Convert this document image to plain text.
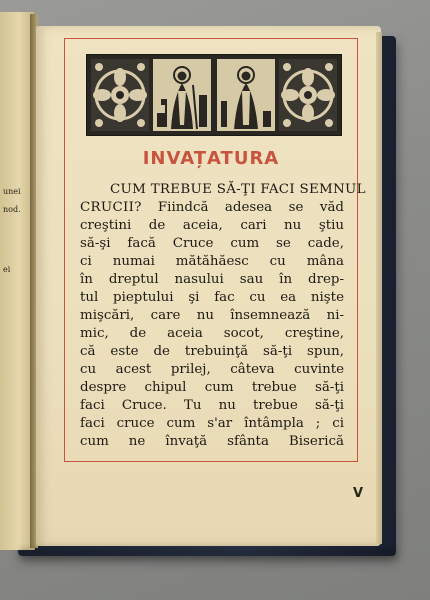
unei
nod.
ei
INVAȚATURA
CUM TREBUE SĂ-ŢI FACI SEMNUL
CRUCII? Fiindcă adesea se văd
creştini de aceia, cari nu ştiu
să-şi facă Cruce cum se cade,
ci numai mătăhăesc cu mâna
în dreptul nasului sau în drep-
tul pieptului şi fac cu ea nişte
mişcări, care nu însemnează ni-
mic, de aceia socot, creştine,
că este de trebuinţă să-ţi spun,
cu acest prilej, câteva cuvinte
despre chipul cum trebue să-ţi
faci Cruce. Tu nu trebue să-ţi
faci cruce cum s'ar întâmpla ; ci
cum ne învaţă sfânta Biserică
V
